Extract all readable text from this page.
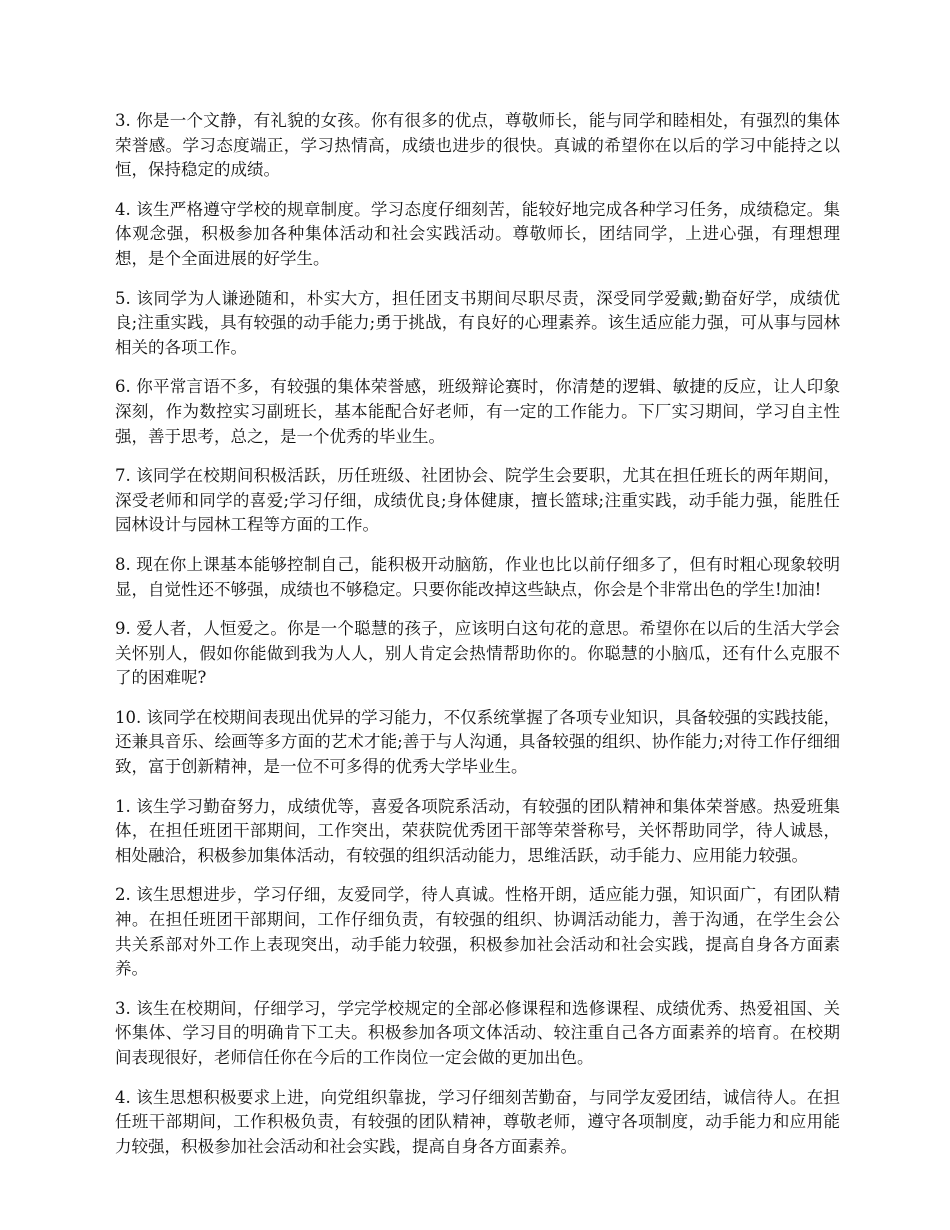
3. 你是一个文静，有礼貌的女孩。你有很多的优点，尊敬师长，能与同学和睦相处，有强烈的集体荣誉感。学习态度端正，学习热情高，成绩也进步的很快。真诚的希望你在以后的学习中能持之以恒，保持稳定的成绩。

4. 该生严格遵守学校的规章制度。学习态度仔细刻苦，能较好地完成各种学习任务，成绩稳定。集体观念强，积极参加各种集体活动和社会实践活动。尊敬师长，团结同学，上进心强，有理想理想，是个全面进展的好学生。

5. 该同学为人谦逊随和，朴实大方，担任团支书期间尽职尽责，深受同学爱戴;勤奋好学，成绩优良;注重实践，具有较强的动手能力;勇于挑战，有良好的心理素养。该生适应能力强，可从事与园林相关的各项工作。

6. 你平常言语不多，有较强的集体荣誉感，班级辩论赛时，你清楚的逻辑、敏捷的反应，让人印象深刻，作为数控实习副班长，基本能配合好老师，有一定的工作能力。下厂实习期间，学习自主性强，善于思考，总之，是一个优秀的毕业生。

7. 该同学在校期间积极活跃，历任班级、社团协会、院学生会要职，尤其在担任班长的两年期间，深受老师和同学的喜爱;学习仔细，成绩优良;身体健康，擅长篮球;注重实践，动手能力强，能胜任园林设计与园林工程等方面的工作。

8. 现在你上课基本能够控制自己，能积极开动脑筋，作业也比以前仔细多了，但有时粗心现象较明显，自觉性还不够强，成绩也不够稳定。只要你能改掉这些缺点，你会是个非常出色的学生!加油!

9. 爱人者，人恒爱之。你是一个聪慧的孩子，应该明白这句花的意思。希望你在以后的生活大学会关怀别人，假如你能做到我为人人，别人肯定会热情帮助你的。你聪慧的小脑瓜，还有什么克服不了的困难呢?

10. 该同学在校期间表现出优异的学习能力，不仅系统掌握了各项专业知识，具备较强的实践技能，还兼具音乐、绘画等多方面的艺术才能;善于与人沟通，具备较强的组织、协作能力;对待工作仔细细致，富于创新精神，是一位不可多得的优秀大学毕业生。

1. 该生学习勤奋努力，成绩优等，喜爱各项院系活动，有较强的团队精神和集体荣誉感。热爱班集体，在担任班团干部期间，工作突出，荣获院优秀团干部等荣誉称号，关怀帮助同学，待人诚恳，相处融洽，积极参加集体活动，有较强的组织活动能力，思维活跃，动手能力、应用能力较强。

2. 该生思想进步，学习仔细，友爱同学，待人真诚。性格开朗，适应能力强，知识面广，有团队精神。在担任班团干部期间，工作仔细负责，有较强的组织、协调活动能力，善于沟通，在学生会公共关系部对外工作上表现突出，动手能力较强，积极参加社会活动和社会实践，提高自身各方面素养。

3. 该生在校期间，仔细学习，学完学校规定的全部必修课程和选修课程、成绩优秀、热爱祖国、关怀集体、学习目的明确肯下工夫。积极参加各项文体活动、较注重自己各方面素养的培育。在校期间表现很好，老师信任你在今后的工作岗位一定会做的更加出色。

4. 该生思想积极要求上进，向党组织靠拢，学习仔细刻苦勤奋，与同学友爱团结，诚信待人。在担任班干部期间，工作积极负责，有较强的团队精神，尊敬老师，遵守各项制度，动手能力和应用能力较强，积极参加社会活动和社会实践，提高自身各方面素养。
